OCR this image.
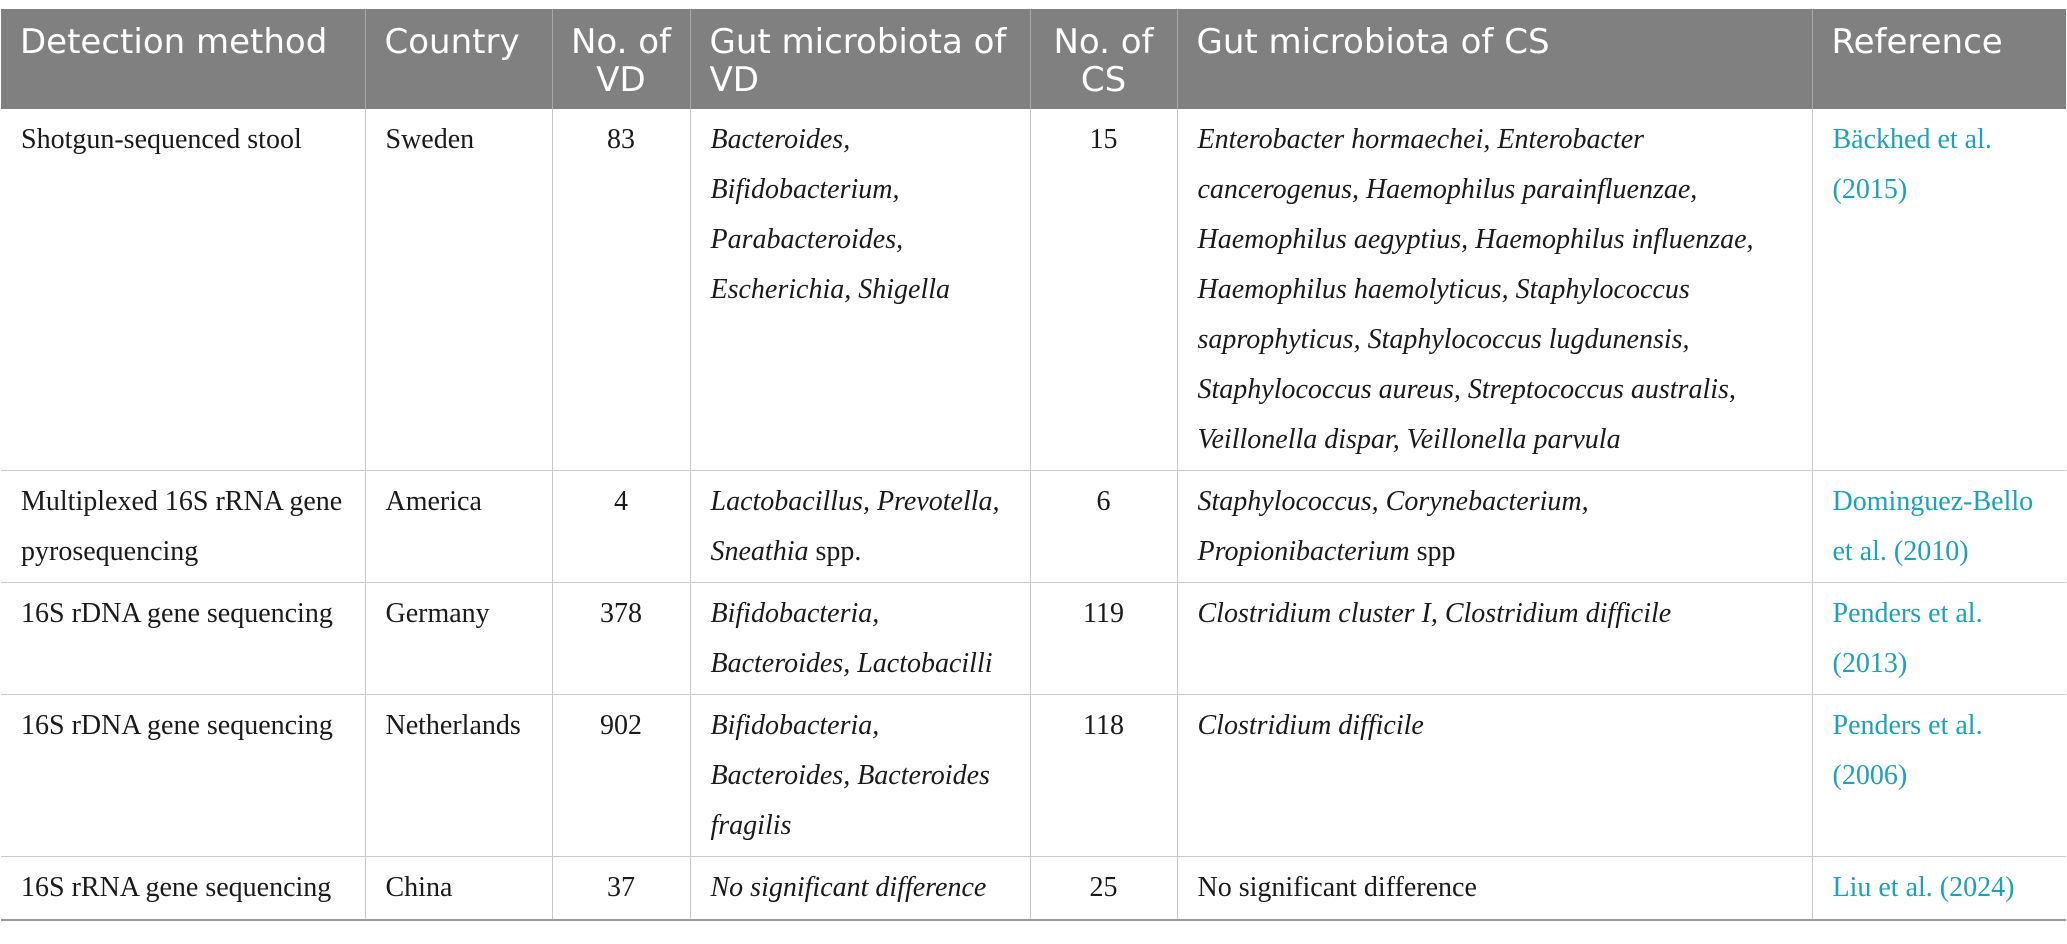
Detection method	Country	No. of VD	Gut microbiota of VD	No. of CS	Gut microbiota of CS	Reference
Shotgun-sequenced stool	Sweden	83	Bacteroides, Bifidobacterium, Parabacteroides, Escherichia, Shigella	15	Enterobacter hormaechei, Enterobacter cancerogenus, Haemophilus parainfluenzae, Haemophilus aegyptius, Haemophilus influenzae, Haemophilus haemolyticus, Staphylococcus saprophyticus, Staphylococcus lugdunensis, Staphylococcus aureus, Streptococcus australis, Veillonella dispar, Veillonella parvula	Bäckhed et al. (2015)
Multiplexed 16S rRNA gene pyrosequencing	America	4	Lactobacillus, Prevotella, Sneathia spp.	6	Staphylococcus, Corynebacterium, Propionibacterium spp	Dominguez-Bello et al. (2010)
16S rDNA gene sequencing	Germany	378	Bifidobacteria, Bacteroides, Lactobacilli	119	Clostridium cluster I, Clostridium difficile	Penders et al. (2013)
16S rDNA gene sequencing	Netherlands	902	Bifidobacteria, Bacteroides, Bacteroides fragilis	118	Clostridium difficile	Penders et al. (2006)
16S rRNA gene sequencing	China	37	No significant difference	25	No significant difference	Liu et al. (2024)
